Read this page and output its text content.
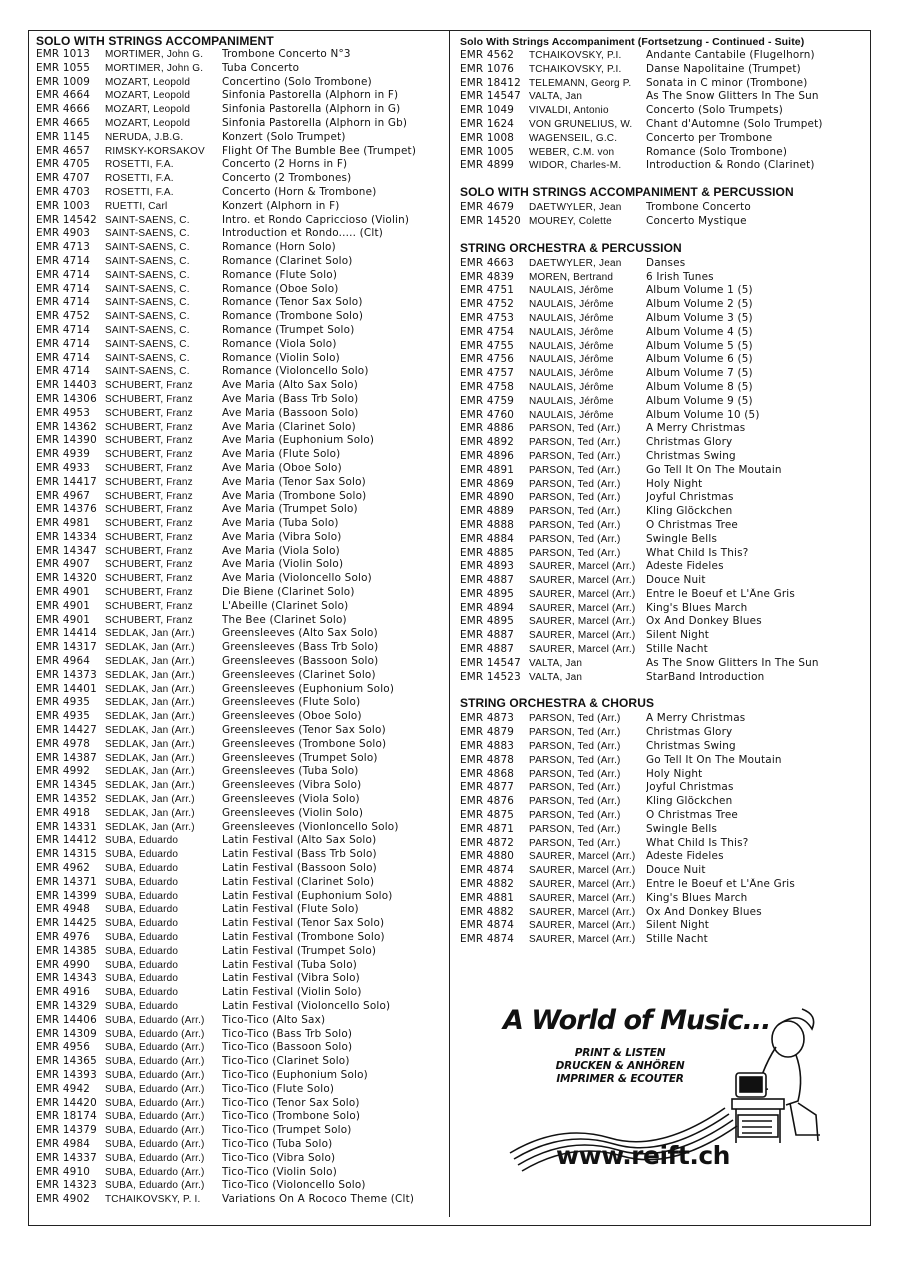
SOLO WITH STRINGS ACCOMPANIMENT
EMR 1013	MORTIMER, John G.	Trombone Concerto N°3
EMR 1055	MORTIMER, John G.	Tuba Concerto
EMR 1009	MOZART, Leopold	Concertino (Solo Trombone)
EMR 4664	MOZART, Leopold	Sinfonia Pastorella (Alphorn in F)
EMR 4666	MOZART, Leopold	Sinfonia Pastorella (Alphorn in G)
EMR 4665	MOZART, Leopold	Sinfonia Pastorella (Alphorn in Gb)
EMR 1145	NERUDA, J.B.G.	Konzert (Solo Trumpet)
EMR 4657	RIMSKY-KORSAKOV	Flight Of The Bumble Bee (Trumpet)
EMR 4705	ROSETTI, F.A.	Concerto (2 Horns in F)
EMR 4707	ROSETTI, F.A.	Concerto (2 Trombones)
EMR 4703	ROSETTI, F.A.	Concerto (Horn & Trombone)
EMR 1003	RUETTI, Carl	Konzert (Alphorn in F)
EMR 14542 SAINT-SAENS, C.	Intro. et Rondo Capriccioso (Violin)
EMR 4903	SAINT-SAENS, C.	Introduction et Rondo..... (Clt)
EMR 4713	SAINT-SAENS, C.	Romance (Horn Solo)
EMR 4714	SAINT-SAENS, C.	Romance (Clarinet Solo)
EMR 4714	SAINT-SAENS, C.	Romance (Flute Solo)
EMR 4714	SAINT-SAENS, C.	Romance (Oboe Solo)
EMR 4714	SAINT-SAENS, C.	Romance (Tenor Sax Solo)
EMR 4752	SAINT-SAENS, C.	Romance (Trombone Solo)
EMR 4714	SAINT-SAENS, C.	Romance (Trumpet Solo)
EMR 4714	SAINT-SAENS, C.	Romance (Viola Solo)
EMR 4714	SAINT-SAENS, C.	Romance (Violin Solo)
EMR 4714	SAINT-SAENS, C.	Romance (Violoncello Solo)
EMR 14403 SCHUBERT, Franz	Ave Maria (Alto Sax Solo)
EMR 14306 SCHUBERT, Franz	Ave Maria (Bass Trb Solo)
EMR 4953	SCHUBERT, Franz	Ave Maria (Bassoon Solo)
EMR 14362 SCHUBERT, Franz	Ave Maria (Clarinet Solo)
EMR 14390 SCHUBERT, Franz	Ave Maria (Euphonium Solo)
EMR 4939	SCHUBERT, Franz	Ave Maria (Flute Solo)
EMR 4933	SCHUBERT, Franz	Ave Maria (Oboe Solo)
EMR 14417 SCHUBERT, Franz	Ave Maria (Tenor Sax Solo)
EMR 4967	SCHUBERT, Franz	Ave Maria (Trombone Solo)
EMR 14376 SCHUBERT, Franz	Ave Maria (Trumpet Solo)
EMR 4981	SCHUBERT, Franz	Ave Maria (Tuba Solo)
EMR 14334 SCHUBERT, Franz	Ave Maria (Vibra Solo)
EMR 14347 SCHUBERT, Franz	Ave Maria (Viola Solo)
EMR 4907	SCHUBERT, Franz	Ave Maria (Violin Solo)
EMR 14320 SCHUBERT, Franz	Ave Maria (Violoncello Solo)
EMR 4901	SCHUBERT, Franz	Die Biene (Clarinet Solo)
EMR 4901	SCHUBERT, Franz	L'Abeille (Clarinet Solo)
EMR 4901	SCHUBERT, Franz	The Bee (Clarinet Solo)
EMR 14414 SEDLAK, Jan (Arr.)	Greensleeves (Alto Sax Solo)
EMR 14317 SEDLAK, Jan (Arr.)	Greensleeves (Bass Trb Solo)
EMR 4964	SEDLAK, Jan (Arr.)	Greensleeves (Bassoon Solo)
EMR 14373 SEDLAK, Jan (Arr.)	Greensleeves (Clarinet Solo)
EMR 14401 SEDLAK, Jan (Arr.)	Greensleeves (Euphonium Solo)
EMR 4935	SEDLAK, Jan (Arr.)	Greensleeves (Flute Solo)
EMR 4935	SEDLAK, Jan (Arr.)	Greensleeves (Oboe Solo)
EMR 14427 SEDLAK, Jan (Arr.)	Greensleeves (Tenor Sax Solo)
EMR 4978	SEDLAK, Jan (Arr.)	Greensleeves (Trombone Solo)
EMR 14387 SEDLAK, Jan (Arr.)	Greensleeves (Trumpet Solo)
EMR 4992	SEDLAK, Jan (Arr.)	Greensleeves (Tuba Solo)
EMR 14345 SEDLAK, Jan (Arr.)	Greensleeves (Vibra Solo)
EMR 14352 SEDLAK, Jan (Arr.)	Greensleeves (Viola Solo)
EMR 4918	SEDLAK, Jan (Arr.)	Greensleeves (Violin Solo)
EMR 14331 SEDLAK, Jan (Arr.)	Greensleeves (Vionloncello Solo)
EMR 14412 SUBA, Eduardo	Latin Festival (Alto Sax Solo)
EMR 14315 SUBA, Eduardo	Latin Festival (Bass Trb Solo)
EMR 4962	SUBA, Eduardo	Latin Festival (Bassoon Solo)
EMR 14371 SUBA, Eduardo	Latin Festival (Clarinet Solo)
EMR 14399 SUBA, Eduardo	Latin Festival (Euphonium Solo)
EMR 4948	SUBA, Eduardo	Latin Festival (Flute Solo)
EMR 14425 SUBA, Eduardo	Latin Festival (Tenor Sax Solo)
EMR 4976	SUBA, Eduardo	Latin Festival (Trombone Solo)
EMR 14385 SUBA, Eduardo	Latin Festival (Trumpet Solo)
EMR 4990	SUBA, Eduardo	Latin Festival (Tuba Solo)
EMR 14343 SUBA, Eduardo	Latin Festival (Vibra Solo)
EMR 4916	SUBA, Eduardo	Latin Festival (Violin Solo)
EMR 14329 SUBA, Eduardo	Latin Festival (Violoncello Solo)
EMR 14406 SUBA, Eduardo (Arr.)	Tico-Tico (Alto Sax)
EMR 14309 SUBA, Eduardo (Arr.)	Tico-Tico (Bass Trb Solo)
EMR 4956	SUBA, Eduardo (Arr.)	Tico-Tico (Bassoon Solo)
EMR 14365 SUBA, Eduardo (Arr.)	Tico-Tico (Clarinet Solo)
EMR 14393 SUBA, Eduardo (Arr.)	Tico-Tico (Euphonium Solo)
EMR 4942	SUBA, Eduardo (Arr.)	Tico-Tico (Flute Solo)
EMR 14420 SUBA, Eduardo (Arr.)	Tico-Tico (Tenor Sax Solo)
EMR 18174 SUBA, Eduardo (Arr.)	Tico-Tico (Trombone Solo)
EMR 14379 SUBA, Eduardo (Arr.)	Tico-Tico (Trumpet Solo)
EMR 4984	SUBA, Eduardo (Arr.)	Tico-Tico (Tuba Solo)
EMR 14337 SUBA, Eduardo (Arr.)	Tico-Tico (Vibra Solo)
EMR 4910	SUBA, Eduardo (Arr.)	Tico-Tico (Violin Solo)
EMR 14323 SUBA, Eduardo (Arr.)	Tico-Tico (Violoncello Solo)
EMR 4902	TCHAIKOVSKY, P. I.	Variations On A Rococo Theme (Clt)
Solo With Strings Accompaniment (Fortsetzung - Continued - Suite)
EMR 4562	TCHAIKOVSKY, P.I.	Andante Cantabile (Flugelhorn)
EMR 1076	TCHAIKOVSKY, P.I.	Danse Napolitaine (Trumpet)
EMR 18412 TELEMANN, Georg P.	Sonata in C minor (Trombone)
EMR 14547 VALTA, Jan	As The Snow Glitters In The Sun
EMR 1049	VIVALDI, Antonio	Concerto (Solo Trumpets)
EMR 1624	VON GRUNELIUS, W.	Chant d'Automne (Solo Trumpet)
EMR 1008	WAGENSEIL, G.C.	Concerto per Trombone
EMR 1005	WEBER, C.M. von	Romance (Solo Trombone)
EMR 4899	WIDOR, Charles-M.	Introduction & Rondo (Clarinet)
SOLO WITH STRINGS ACCOMPANIMENT & PERCUSSION
EMR 4679	DAETWYLER, Jean	Trombone Concerto
EMR 14520 MOUREY, Colette	Concerto Mystique
STRING ORCHESTRA & PERCUSSION
EMR 4663	DAETWYLER, Jean	Danses
EMR 4839	MOREN, Bertrand	6 Irish Tunes
EMR 4751	NAULAIS, Jérôme	Album Volume 1 (5)
EMR 4752	NAULAIS, Jérôme	Album Volume 2 (5)
EMR 4753	NAULAIS, Jérôme	Album Volume 3 (5)
EMR 4754	NAULAIS, Jérôme	Album Volume 4 (5)
EMR 4755	NAULAIS, Jérôme	Album Volume 5 (5)
EMR 4756	NAULAIS, Jérôme	Album Volume 6 (5)
EMR 4757	NAULAIS, Jérôme	Album Volume 7 (5)
EMR 4758	NAULAIS, Jérôme	Album Volume 8 (5)
EMR 4759	NAULAIS, Jérôme	Album Volume 9 (5)
EMR 4760	NAULAIS, Jérôme	Album Volume 10 (5)
EMR 4886	PARSON, Ted (Arr.)	A Merry Christmas
EMR 4892	PARSON, Ted (Arr.)	Christmas Glory
EMR 4896	PARSON, Ted (Arr.)	Christmas Swing
EMR 4891	PARSON, Ted (Arr.)	Go Tell It On The Moutain
EMR 4869	PARSON, Ted (Arr.)	Holy Night
EMR 4890	PARSON, Ted (Arr.)	Joyful Christmas
EMR 4889	PARSON, Ted (Arr.)	Kling Glöckchen
EMR 4888	PARSON, Ted (Arr.)	O Christmas Tree
EMR 4884	PARSON, Ted (Arr.)	Swingle Bells
EMR 4885	PARSON, Ted (Arr.)	What Child Is This?
EMR 4893	SAURER, Marcel (Arr.)	Adeste Fideles
EMR 4887	SAURER, Marcel (Arr.)	Douce Nuit
EMR 4895	SAURER, Marcel (Arr.)	Entre le Boeuf et L'Âne Gris
EMR 4894	SAURER, Marcel (Arr.)	King's Blues March
EMR 4895	SAURER, Marcel (Arr.)	Ox And Donkey Blues
EMR 4887	SAURER, Marcel (Arr.)	Silent Night
EMR 4887	SAURER, Marcel (Arr.)	Stille Nacht
EMR 14547 VALTA, Jan	As The Snow Glitters In The Sun
EMR 14523 VALTA, Jan	StarBand Introduction
STRING ORCHESTRA & CHORUS
EMR 4873	PARSON, Ted (Arr.)	A Merry Christmas
EMR 4879	PARSON, Ted (Arr.)	Christmas Glory
EMR 4883	PARSON, Ted (Arr.)	Christmas Swing
EMR 4878	PARSON, Ted (Arr.)	Go Tell It On The Moutain
EMR 4868	PARSON, Ted (Arr.)	Holy Night
EMR 4877	PARSON, Ted (Arr.)	Joyful Christmas
EMR 4876	PARSON, Ted (Arr.)	Kling Glöckchen
EMR 4875	PARSON, Ted (Arr.)	O Christmas Tree
EMR 4871	PARSON, Ted (Arr.)	Swingle Bells
EMR 4872	PARSON, Ted (Arr.)	What Child Is This?
EMR 4880	SAURER, Marcel (Arr.)	Adeste Fideles
EMR 4874	SAURER, Marcel (Arr.)	Douce Nuit
EMR 4882	SAURER, Marcel (Arr.)	Entre le Boeuf et L'Âne Gris
EMR 4881	SAURER, Marcel (Arr.)	King's Blues March
EMR 4882	SAURER, Marcel (Arr.)	Ox And Donkey Blues
EMR 4874	SAURER, Marcel (Arr.)	Silent Night
EMR 4874	SAURER, Marcel (Arr.)	Stille Nacht
A World of Music...
PRINT & LISTEN
DRUCKEN & ANHÖREN
IMPRIMER & ECOUTER
www.reift.ch
